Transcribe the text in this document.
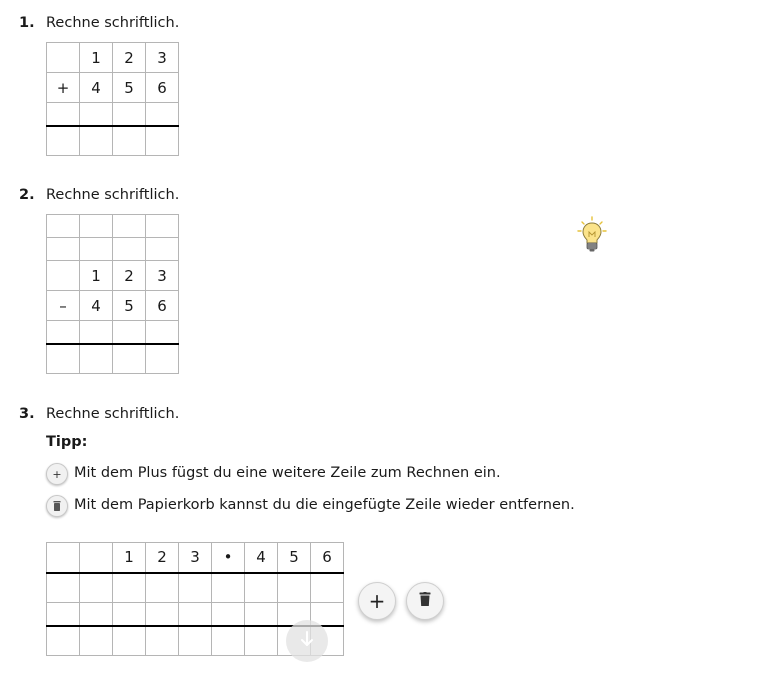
1. Rechne schriftlich.
	1	2	3
+	4	5	6

2. Rechne schriftlich.

	1	2	3
–	4	5	6

3. Rechne schriftlich.
Tipp:
+ Mit dem Plus fügst du eine weitere Zeile zum Rechnen ein.
Mit dem Papierkorb kannst du die eingefügte Zeile wieder entfernen.
		1	2	3	•	4	5	6

+
